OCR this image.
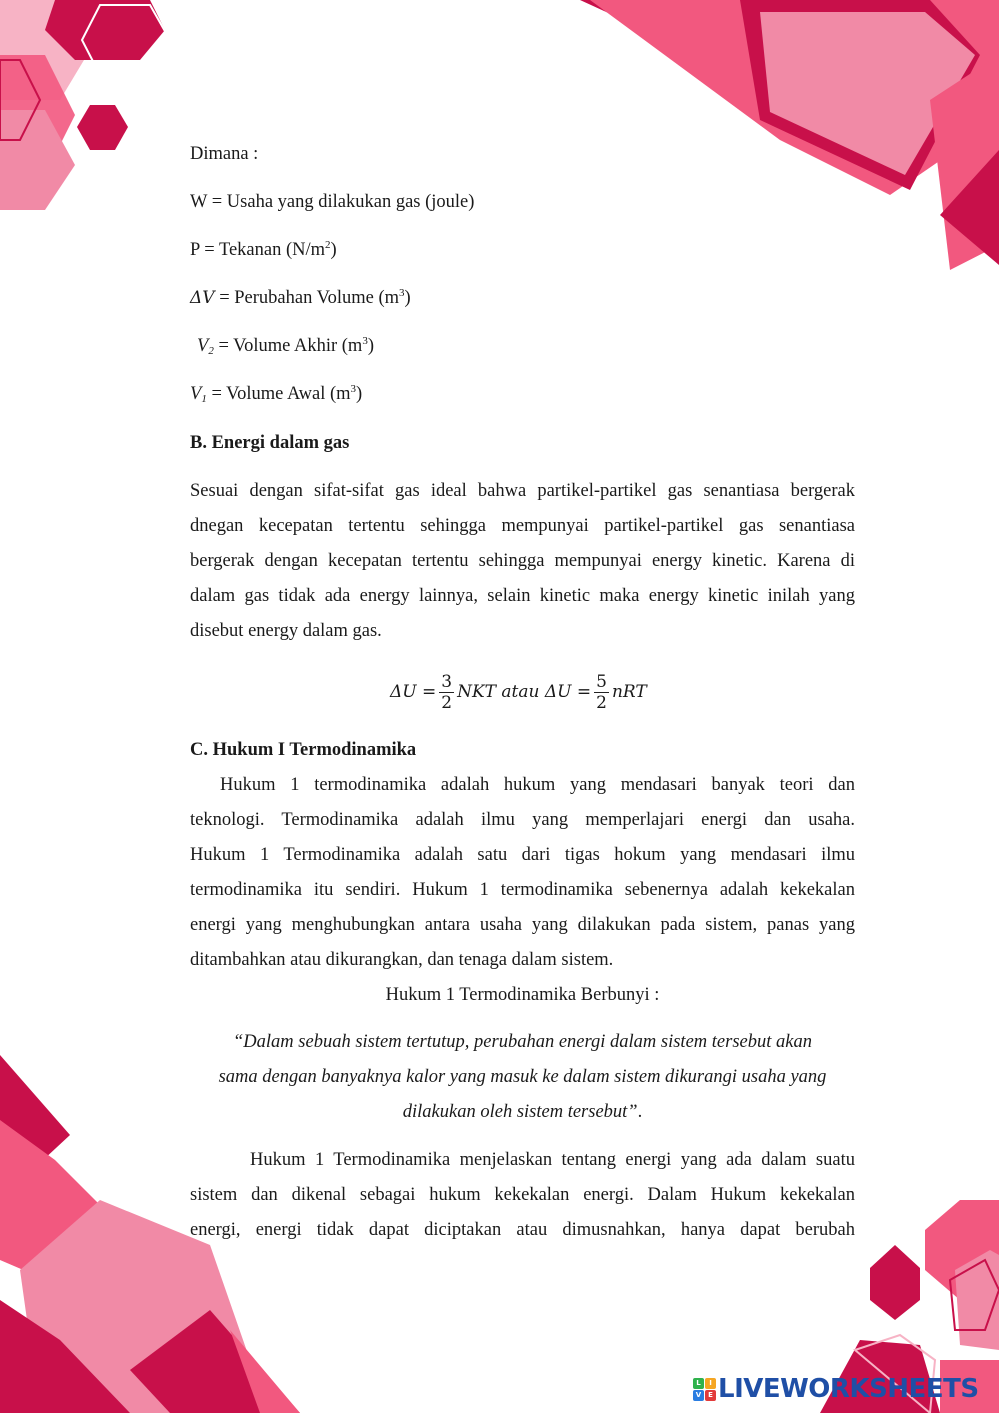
Dimana :
W = Usaha yang dilakukan gas (joule)
P = Tekanan $(N/m^2)$
ΔV = Perubahan Volume $(m^3)$
$V_2$ = Volume Akhir $(m^3)$
$V_1$ = Volume Awal $(m^3)$
B. Energi dalam gas
Sesuai dengan sifat-sifat gas ideal bahwa partikel-partikel gas senantiasa bergerak
dnegan kecepatan tertentu sehingga mempunyai partikel-partikel gas senantiasa
bergerak dengan kecepatan tertentu sehingga mempunyai energy kinetic. Karena di
dalam gas tidak ada energy lainnya, selain kinetic maka energy kinetic inilah yang
disebut energy dalam gas.
$\Delta U = \frac{3}{2}$ NKT atau $\Delta U = \frac{5}{2}$ nRT
C. Hukum I Termodinamika
Hukum 1 termodinamika adalah hukum yang mendasari banyak teori dan
teknologi. Termodinamika adalah ilmu yang memperlajari energi dan usaha.
Hukum 1 Termodinamika adalah satu dari tigas hokum yang mendasari ilmu
termodinamika itu sendiri. Hukum 1 termodinamika sebenernya adalah kekekalan
energi yang menghubungkan antara usaha yang dilakukan pada sistem, panas yang
ditambahkan atau dikurangkan, dan tenaga dalam sistem.
Hukum 1 Termodinamika Berbunyi :
“Dalam sebuah sistem tertutup, perubahan energi dalam sistem tersebut akan
sama dengan banyaknya kalor yang masuk ke dalam sistem dikurangi usaha yang
dilakukan oleh sistem tersebut”.
Hukum 1 Termodinamika menjelaskan tentang energi yang ada dalam suatu
sistem dan dikenal sebagai hukum kekekalan energi. Dalam Hukum kekekalan
energi, energi tidak dapat diciptakan atau dimusnahkan, hanya dapat berubah
L	I
V E LIVEWORKSHEETS
